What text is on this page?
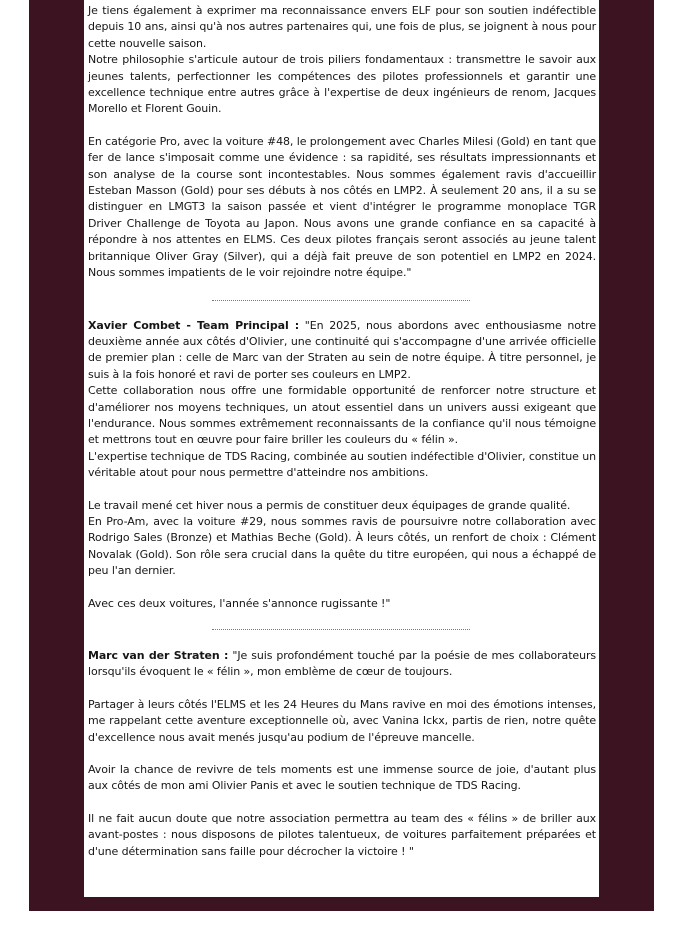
Je tiens également à exprimer ma reconnaissance envers ELF pour son soutien indéfectible depuis 10 ans, ainsi qu'à nos autres partenaires qui, une fois de plus, se joignent à nous pour cette nouvelle saison.

Notre philosophie s'articule autour de trois piliers fondamentaux : transmettre le savoir aux jeunes talents, perfectionner les compétences des pilotes professionnels et garantir une excellence technique entre autres grâce à l'expertise de deux ingénieurs de renom, Jacques Morello et Florent Gouin.

En catégorie Pro, avec la voiture #48, le prolongement avec Charles Milesi (Gold) en tant que fer de lance s'imposait comme une évidence : sa rapidité, ses résultats impressionnants et son analyse de la course sont incontestables. Nous sommes également ravis d'accueillir Esteban Masson (Gold) pour ses débuts à nos côtés en LMP2. À seulement 20 ans, il a su se distinguer en LMGT3 la saison passée et vient d'intégrer le programme monoplace TGR Driver Challenge de Toyota au Japon. Nous avons une grande confiance en sa capacité à répondre à nos attentes en ELMS. Ces deux pilotes français seront associés au jeune talent britannique Oliver Gray (Silver), qui a déjà fait preuve de son potentiel en LMP2 en 2024. Nous sommes impatients de le voir rejoindre notre équipe."

Xavier Combet - Team Principal : "En 2025, nous abordons avec enthousiasme notre deuxième année aux côtés d'Olivier, une continuité qui s'accompagne d'une arrivée officielle de premier plan : celle de Marc van der Straten au sein de notre équipe. À titre personnel, je suis à la fois honoré et ravi de porter ses couleurs en LMP2.

Cette collaboration nous offre une formidable opportunité de renforcer notre structure et d'améliorer nos moyens techniques, un atout essentiel dans un univers aussi exigeant que l'endurance. Nous sommes extrêmement reconnaissants de la confiance qu'il nous témoigne et mettrons tout en œuvre pour faire briller les couleurs du « félin ».

L'expertise technique de TDS Racing, combinée au soutien indéfectible d'Olivier, constitue un véritable atout pour nous permettre d'atteindre nos ambitions.

Le travail mené cet hiver nous a permis de constituer deux équipages de grande qualité.

En Pro-Am, avec la voiture #29, nous sommes ravis de poursuivre notre collaboration avec Rodrigo Sales (Bronze) et Mathias Beche (Gold). À leurs côtés, un renfort de choix : Clément Novalak (Gold). Son rôle sera crucial dans la quête du titre européen, qui nous a échappé de peu l'an dernier.

Avec ces deux voitures, l'année s'annonce rugissante !"

Marc van der Straten : "Je suis profondément touché par la poésie de mes collaborateurs lorsqu'ils évoquent le « félin », mon emblème de cœur de toujours.

Partager à leurs côtés l'ELMS et les 24 Heures du Mans ravive en moi des émotions intenses, me rappelant cette aventure exceptionnelle où, avec Vanina Ickx, partis de rien, notre quête d'excellence nous avait menés jusqu'au podium de l'épreuve mancelle.

Avoir la chance de revivre de tels moments est une immense source de joie, d'autant plus aux côtés de mon ami Olivier Panis et avec le soutien technique de TDS Racing.

Il ne fait aucun doute que notre association permettra au team des « félins » de briller aux avant-postes : nous disposons de pilotes talentueux, de voitures parfaitement préparées et d'une détermination sans faille pour décrocher la victoire ! "
